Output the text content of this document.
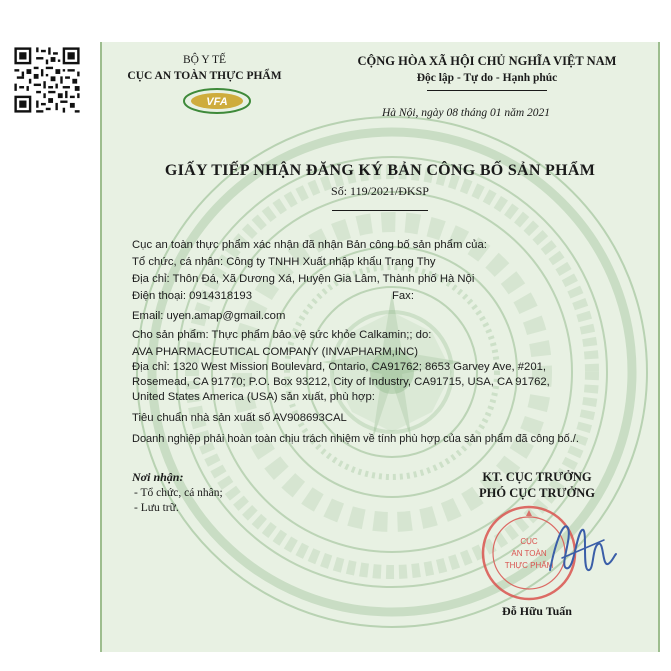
BỘ Y TẾ
CỤC AN TOÀN THỰC PHẨM
VFA
CỘNG HÒA XÃ HỘI CHỦ NGHĨA VIỆT NAM
Độc lập - Tự do - Hạnh phúc
Hà Nội, ngày 08 tháng 01 năm 2021
GIẤY TIẾP NHẬN ĐĂNG KÝ BẢN CÔNG BỐ SẢN PHẨM
Số: 119/2021/ĐKSP
Cục an toàn thực phẩm xác nhận đã nhận Bản công bố sản phẩm của:
Tổ chức, cá nhân: Công ty TNHH Xuất nhập khẩu Trang Thy
Địa chỉ: Thôn Đá, Xã Dương Xá, Huyện Gia Lâm, Thành phố Hà Nội
Điện thoại: 0914318193	Fax:
Email: uyen.amap@gmail.com
Cho sản phẩm: Thực phẩm bảo vệ sức khỏe Calkamin;; do:
AVA PHARMACEUTICAL COMPANY (INVAPHARM,INC)
Địa chỉ: 1320 West Mission Boulevard, Ontario, CA91762; 8653 Garvey Ave, #201,
Rosemead, CA 91770; P.O. Box 93212, City of Industry, CA91715, USA, CA 91762,
United States America (USA) sản xuất, phù hợp:
Tiêu chuẩn nhà sản xuất số AV908693CAL
Doanh nghiệp phải hoàn toàn chịu trách nhiệm về tính phù hợp của sản phẩm đã công bố./.
Nơi nhận:
- Tổ chức, cá nhân;
- Lưu trữ.
KT. CỤC TRƯỞNG
PHÓ CỤC TRƯỞNG
CỤC
AN TOÀN
THỰC PHẨM
Đỗ Hữu Tuấn
